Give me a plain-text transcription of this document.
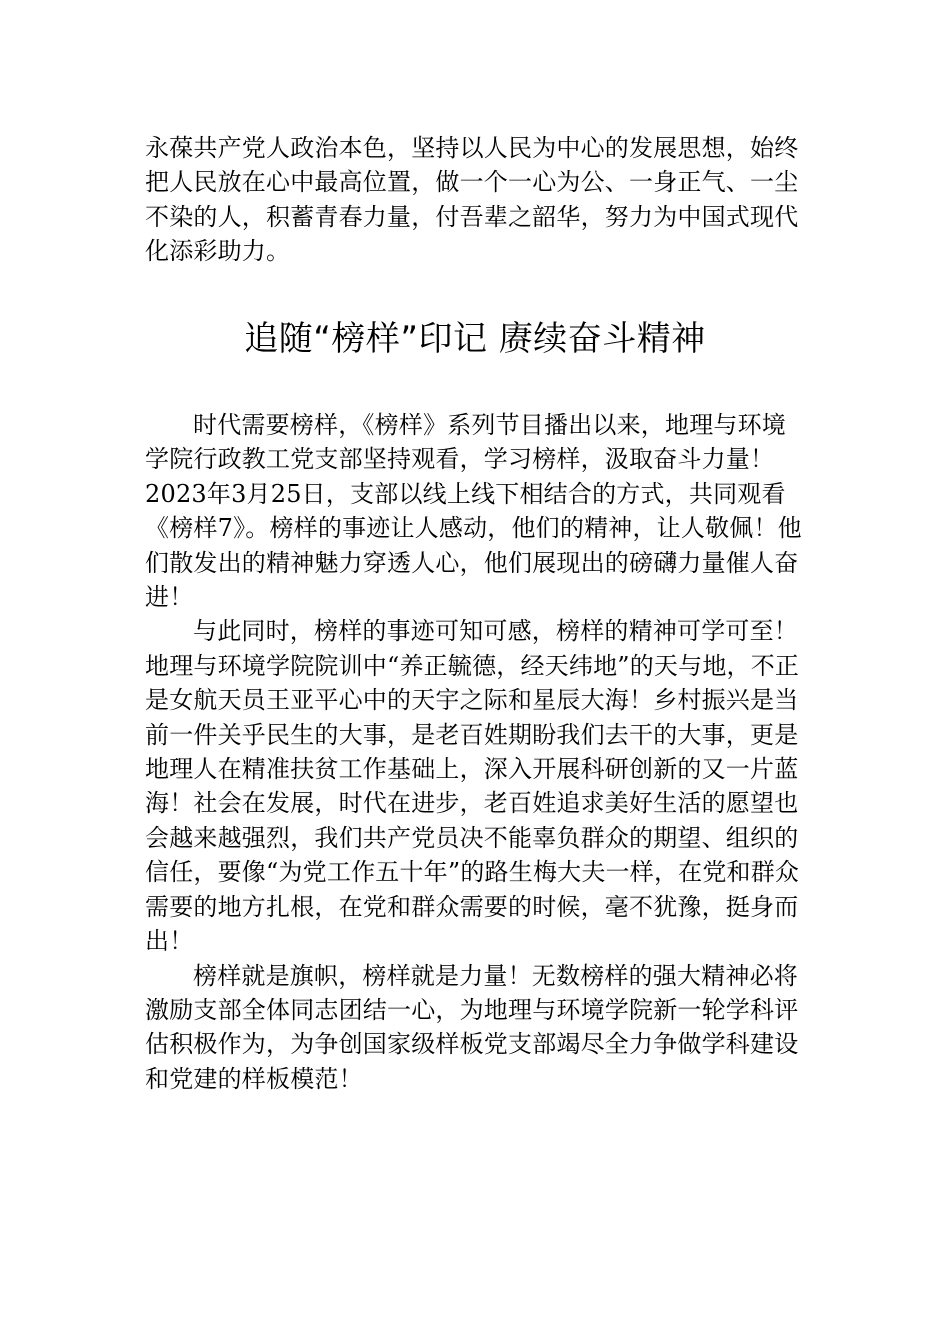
永葆共产党人政治本色，坚持以人民为中心的发展思想，始终把人民放在心中最高位置，做一个一心为公、一身正气、一尘不染的人，积蓄青春力量，付吾辈之韶华，努力为中国式现代化添彩助力。

追随“榜样”印记 赓续奋斗精神

时代需要榜样，《榜样》系列节目播出以来，地理与环境学院行政教工党支部坚持观看，学习榜样，汲取奋斗力量！2023年3月25日，支部以线上线下相结合的方式，共同观看《榜样7》。榜样的事迹让人感动，他们的精神，让人敬佩！他们散发出的精神魅力穿透人心，他们展现出的磅礴力量催人奋进！

与此同时，榜样的事迹可知可感，榜样的精神可学可至！地理与环境学院院训中“养正毓德，经天纬地”的天与地，不正是女航天员王亚平心中的天宇之际和星辰大海！乡村振兴是当前一件关乎民生的大事，是老百姓期盼我们去干的大事，更是地理人在精准扶贫工作基础上，深入开展科研创新的又一片蓝海！社会在发展，时代在进步，老百姓追求美好生活的愿望也会越来越强烈，我们共产党员决不能辜负群众的期望、组织的信任，要像“为党工作五十年”的路生梅大夫一样，在党和群众需要的地方扎根，在党和群众需要的时候，毫不犹豫，挺身而出！

榜样就是旗帜，榜样就是力量！无数榜样的强大精神必将激励支部全体同志团结一心，为地理与环境学院新一轮学科评估积极作为，为争创国家级样板党支部竭尽全力争做学科建设和党建的样板模范！
